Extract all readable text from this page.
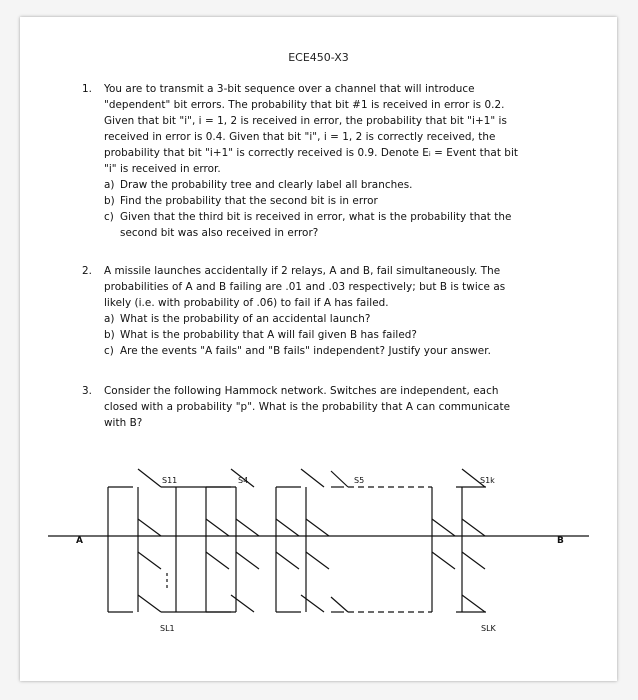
ECE450-X3
1.	You are to transmit a 3-bit sequence over a channel that will introduce
"dependent" bit errors. The probability that bit #1 is received in error is 0.2.
Given that bit "i", i = 1, 2 is received in error, the probability that bit "i+1" is
received in error is 0.4. Given that bit "i", i = 1, 2 is correctly received, the
probability that bit "i+1" is correctly received is 0.9. Denote Eᵢ = Event that bit
"i" is received in error.
a) Draw the probability tree and clearly label all branches.
b) Find the probability that the second bit is in error
c) Given that the third bit is received in error, what is the probability that the
second bit was also received in error?
2.	A missile launches accidentally if 2 relays, A and B, fail simultaneously. The
probabilities of A and B failing are .01 and .03 respectively; but B is twice as
likely (i.e. with probability of .06) to fail if A has failed.
a) What is the probability of an accidental launch?
b) What is the probability that A will fail given B has failed?
c) Are the events "A fails" and "B fails" independent? Justify your answer.
3.	Consider the following Hammock network. Switches are independent, each
closed with a probability "p". What is the probability that A can communicate
with B?
A	B
S11	S4	S5	S1k
SL1	SLK
